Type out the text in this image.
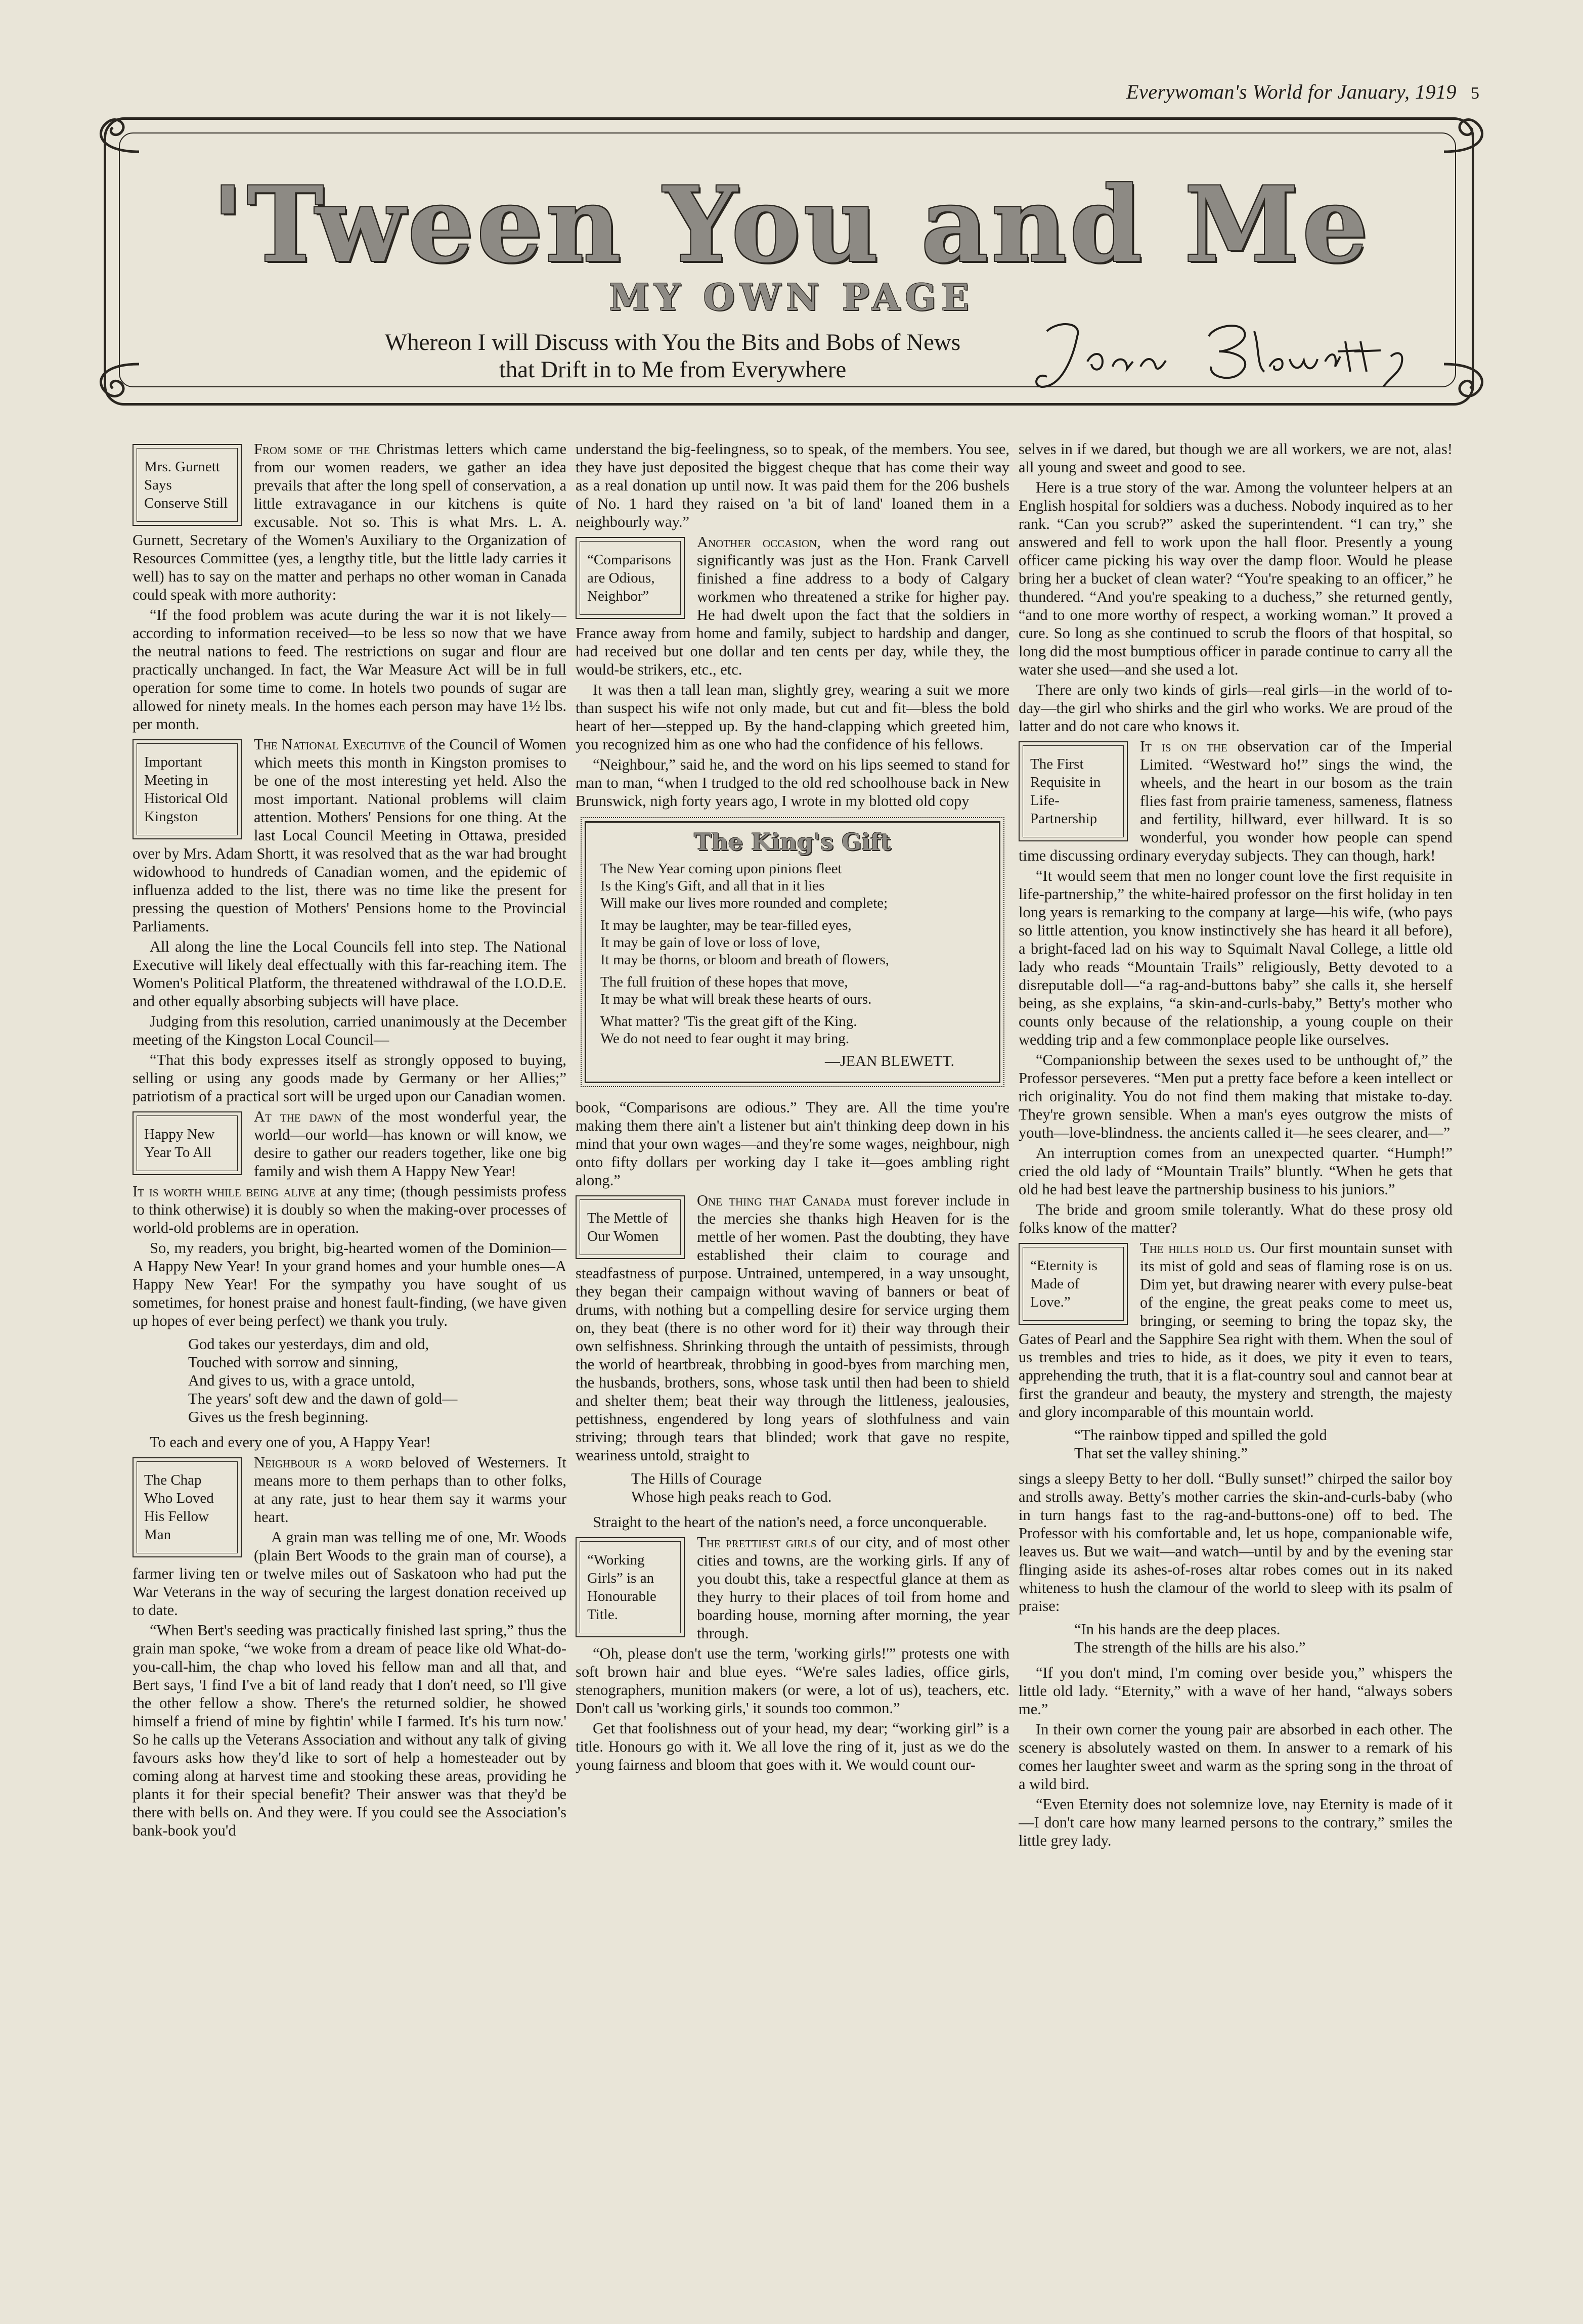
Everywoman's World for January, 1919 5
'Tween You and Me
MY OWN PAGE
Whereon I will Discuss with You the Bits and Bobs of News
that Drift in to Me from Everywhere
Mrs. Gurnett Says Conserve Still

From some of the Christmas letters which came from our women readers, we gather an idea prevails that after the long spell of conservation, a little extravagance in our kitchens is quite excusable. Not so. This is what Mrs. L. A. Gurnett, Secretary of the Women's Auxiliary to the Organization of Resources Committee (yes, a lengthy title, but the little lady carries it well) has to say on the matter and perhaps no other woman in Canada could speak with more authority:

“If the food problem was acute during the war it is not likely—according to information received—to be less so now that we have the neutral nations to feed. The restrictions on sugar and flour are practically unchanged. In fact, the War Measure Act will be in full operation for some time to come. In hotels two pounds of sugar are allowed for ninety meals. In the homes each person may have 1½ lbs. per month.

Important Meeting in Historical Old Kingston

The National Executive of the Council of Women which meets this month in Kingston promises to be one of the most interesting yet held. Also the most important. National problems will claim attention. Mothers' Pensions for one thing. At the last Local Council Meeting in Ottawa, presided over by Mrs. Adam Shortt, it was resolved that as the war had brought widowhood to hundreds of Canadian women, and the epidemic of influenza added to the list, there was no time like the present for pressing the question of Mothers' Pensions home to the Provincial Parliaments.

All along the line the Local Councils fell into step. The National Executive will likely deal effectually with this far-reaching item. The Women's Political Platform, the threatened withdrawal of the I.O.D.E. and other equally absorbing subjects will have place.

Judging from this resolution, carried unanimously at the December meeting of the Kingston Local Council—

“That this body expresses itself as strongly opposed to buying, selling or using any goods made by Germany or her Allies;” patriotism of a practical sort will be urged upon our Canadian women.

Happy New Year To All

At the dawn of the most wonderful year, the world—our world—has known or will know, we desire to gather our readers together, like one big family and wish them A Happy New Year!

It is worth while being alive at any time; (though pessimists profess to think otherwise) it is doubly so when the making-over processes of world-old problems are in operation.

So, my readers, you bright, big-hearted women of the Dominion—A Happy New Year! In your grand homes and your humble ones—A Happy New Year! For the sympathy you have sought of us sometimes, for honest praise and honest fault-finding, (we have given up hopes of ever being perfect) we thank you truly.

God takes our yesterdays, dim and old,
Touched with sorrow and sinning,
And gives to us, with a grace untold,
The years' soft dew and the dawn of gold—
Gives us the fresh beginning.

To each and every one of you, A Happy Year!

The Chap Who Loved His Fellow Man

Neighbour is a word beloved of Westerners. It means more to them perhaps than to other folks, at any rate, just to hear them say it warms your heart.

A grain man was telling me of one, Mr. Woods (plain Bert Woods to the grain man of course), a farmer living ten or twelve miles out of Saskatoon who had put the War Veterans in the way of securing the largest donation received up to date.

“When Bert's seeding was practically finished last spring,” thus the grain man spoke, “we woke from a dream of peace like old What-do-you-call-him, the chap who loved his fellow man and all that, and Bert says, 'I find I've a bit of land ready that I don't need, so I'll give the other fellow a show. There's the returned soldier, he showed himself a friend of mine by fightin' while I farmed. It's his turn now.' So he calls up the Veterans Association and without any talk of giving favours asks how they'd like to sort of help a homesteader out by coming along at harvest time and stooking these areas, providing he plants it for their special benefit? Their answer was that they'd be there with bells on. And they were. If you could see the Association's bank-book you'd

understand the big-feelingness, so to speak, of the members. You see, they have just deposited the biggest cheque that has come their way as a real donation up until now. It was paid them for the 206 bushels of No. 1 hard they raised on 'a bit of land' loaned them in a neighbourly way.”

“Comparisons are Odious, Neighbor”

Another occasion, when the word rang out significantly was just as the Hon. Frank Carvell finished a fine address to a body of Calgary workmen who threatened a strike for higher pay. He had dwelt upon the fact that the soldiers in France away from home and family, subject to hardship and danger, had received but one dollar and ten cents per day, while they, the would-be strikers, etc., etc.

It was then a tall lean man, slightly grey, wearing a suit we more than suspect his wife not only made, but cut and fit—bless the bold heart of her—stepped up. By the hand-clapping which greeted him, you recognized him as one who had the confidence of his fellows.

“Neighbour,” said he, and the word on his lips seemed to stand for man to man, “when I trudged to the old red schoolhouse back in New Brunswick, nigh forty years ago, I wrote in my blotted old copy

The King's Gift
The New Year coming upon pinions fleet
Is the King's Gift, and all that in it lies
Will make our lives more rounded and complete;
It may be laughter, may be tear-filled eyes,
It may be gain of love or loss of love,
It may be thorns, or bloom and breath of flowers,
The full fruition of these hopes that move,
It may be what will break these hearts of ours.
What matter? 'Tis the great gift of the King.
We do not need to fear ought it may bring.
—JEAN BLEWETT.

book, “Comparisons are odious.” They are. All the time you're making them there ain't a listener but ain't thinking deep down in his mind that your own wages—and they're some wages, neighbour, nigh onto fifty dollars per working day I take it—goes ambling right along.”

The Mettle of Our Women

One thing that Canada must forever include in the mercies she thanks high Heaven for is the mettle of her women. Past the doubting, they have established their claim to courage and steadfastness of purpose. Untrained, untempered, in a way unsought, they began their campaign without waving of banners or beat of drums, with nothing but a compelling desire for service urging them on, they beat (there is no other word for it) their way through their own selfishness. Shrinking through the untaith of pessimists, through the world of heartbreak, throbbing in good-byes from marching men, the husbands, brothers, sons, whose task until then had been to shield and shelter them; beat their way through the littleness, jealousies, pettishness, engendered by long years of slothfulness and vain striving; through tears that blinded; work that gave no respite, weariness untold, straight to

The Hills of Courage
Whose high peaks reach to God.

Straight to the heart of the nation's need, a force unconquerable.

“Working Girls” is an Honourable Title.

The prettiest girls of our city, and of most other cities and towns, are the working girls. If any of you doubt this, take a respectful glance at them as they hurry to their places of toil from home and boarding house, morning after morning, the year through.

“Oh, please don't use the term, 'working girls!'” protests one with soft brown hair and blue eyes. “We're sales ladies, office girls, stenographers, munition makers (or were, a lot of us), teachers, etc. Don't call us 'working girls,' it sounds too common.”

Get that foolishness out of your head, my dear; “working girl” is a title. Honours go with it. We all love the ring of it, just as we do the young fairness and bloom that goes with it. We would count our-

selves in if we dared, but though we are all workers, we are not, alas! all young and sweet and good to see.

Here is a true story of the war. Among the volunteer helpers at an English hospital for soldiers was a duchess. Nobody inquired as to her rank. “Can you scrub?” asked the superintendent. “I can try,” she answered and fell to work upon the hall floor. Presently a young officer came picking his way over the damp floor. Would he please bring her a bucket of clean water? “You're speaking to an officer,” he thundered. “And you're speaking to a duchess,” she returned gently, “and to one more worthy of respect, a working woman.” It proved a cure. So long as she continued to scrub the floors of that hospital, so long did the most bumptious officer in parade continue to carry all the water she used—and she used a lot.

There are only two kinds of girls—real girls—in the world of to-day—the girl who shirks and the girl who works. We are proud of the latter and do not care who knows it.

The First Requisite in Life-Partnership

It is on the observation car of the Imperial Limited. “Westward ho!” sings the wind, the wheels, and the heart in our bosom as the train flies fast from prairie tameness, sameness, flatness and fertility, hillward, ever hillward. It is so wonderful, you wonder how people can spend time discussing ordinary everyday subjects. They can though, hark!

“It would seem that men no longer count love the first requisite in life-partnership,” the white-haired professor on the first holiday in ten long years is remarking to the company at large—his wife, (who pays so little attention, you know instinctively she has heard it all before), a bright-faced lad on his way to Squimalt Naval College, a little old lady who reads “Mountain Trails” religiously, Betty devoted to a disreputable doll—“a rag-and-buttons baby” she calls it, she herself being, as she explains, “a skin-and-curls-baby,” Betty's mother who counts only because of the relationship, a young couple on their wedding trip and a few commonplace people like ourselves.

“Companionship between the sexes used to be unthought of,” the Professor perseveres. “Men put a pretty face before a keen intellect or rich originality. You do not find them making that mistake to-day. They're grown sensible. When a man's eyes outgrow the mists of youth—love-blindness. the ancients called it—he sees clearer, and—”

An interruption comes from an unexpected quarter. “Humph!” cried the old lady of “Mountain Trails” bluntly. “When he gets that old he had best leave the partnership business to his juniors.”

The bride and groom smile tolerantly. What do these prosy old folks know of the matter?

“Eternity is Made of Love.”

The hills hold us. Our first mountain sunset with its mist of gold and seas of flaming rose is on us. Dim yet, but drawing nearer with every pulse-beat of the engine, the great peaks come to meet us, bringing, or seeming to bring the topaz sky, the Gates of Pearl and the Sapphire Sea right with them. When the soul of us trembles and tries to hide, as it does, we pity it even to tears, apprehending the truth, that it is a flat-country soul and cannot bear at first the grandeur and beauty, the mystery and strength, the majesty and glory incomparable of this mountain world.

“The rainbow tipped and spilled the gold
That set the valley shining.”

sings a sleepy Betty to her doll. “Bully sunset!” chirped the sailor boy and strolls away. Betty's mother carries the skin-and-curls-baby (who in turn hangs fast to the rag-and-buttons-one) off to bed. The Professor with his comfortable and, let us hope, companionable wife, leaves us. But we wait—and watch—until by and by the evening star flinging aside its ashes-of-roses altar robes comes out in its naked whiteness to hush the clamour of the world to sleep with its psalm of praise:

“In his hands are the deep places.
The strength of the hills are his also.”

“If you don't mind, I'm coming over beside you,” whispers the little old lady. “Eternity,” with a wave of her hand, “always sobers me.”

In their own corner the young pair are absorbed in each other. The scenery is absolutely wasted on them. In answer to a remark of his comes her laughter sweet and warm as the spring song in the throat of a wild bird.

“Even Eternity does not solemnize love, nay Eternity is made of it—I don't care how many learned persons to the contrary,” smiles the little grey lady.
